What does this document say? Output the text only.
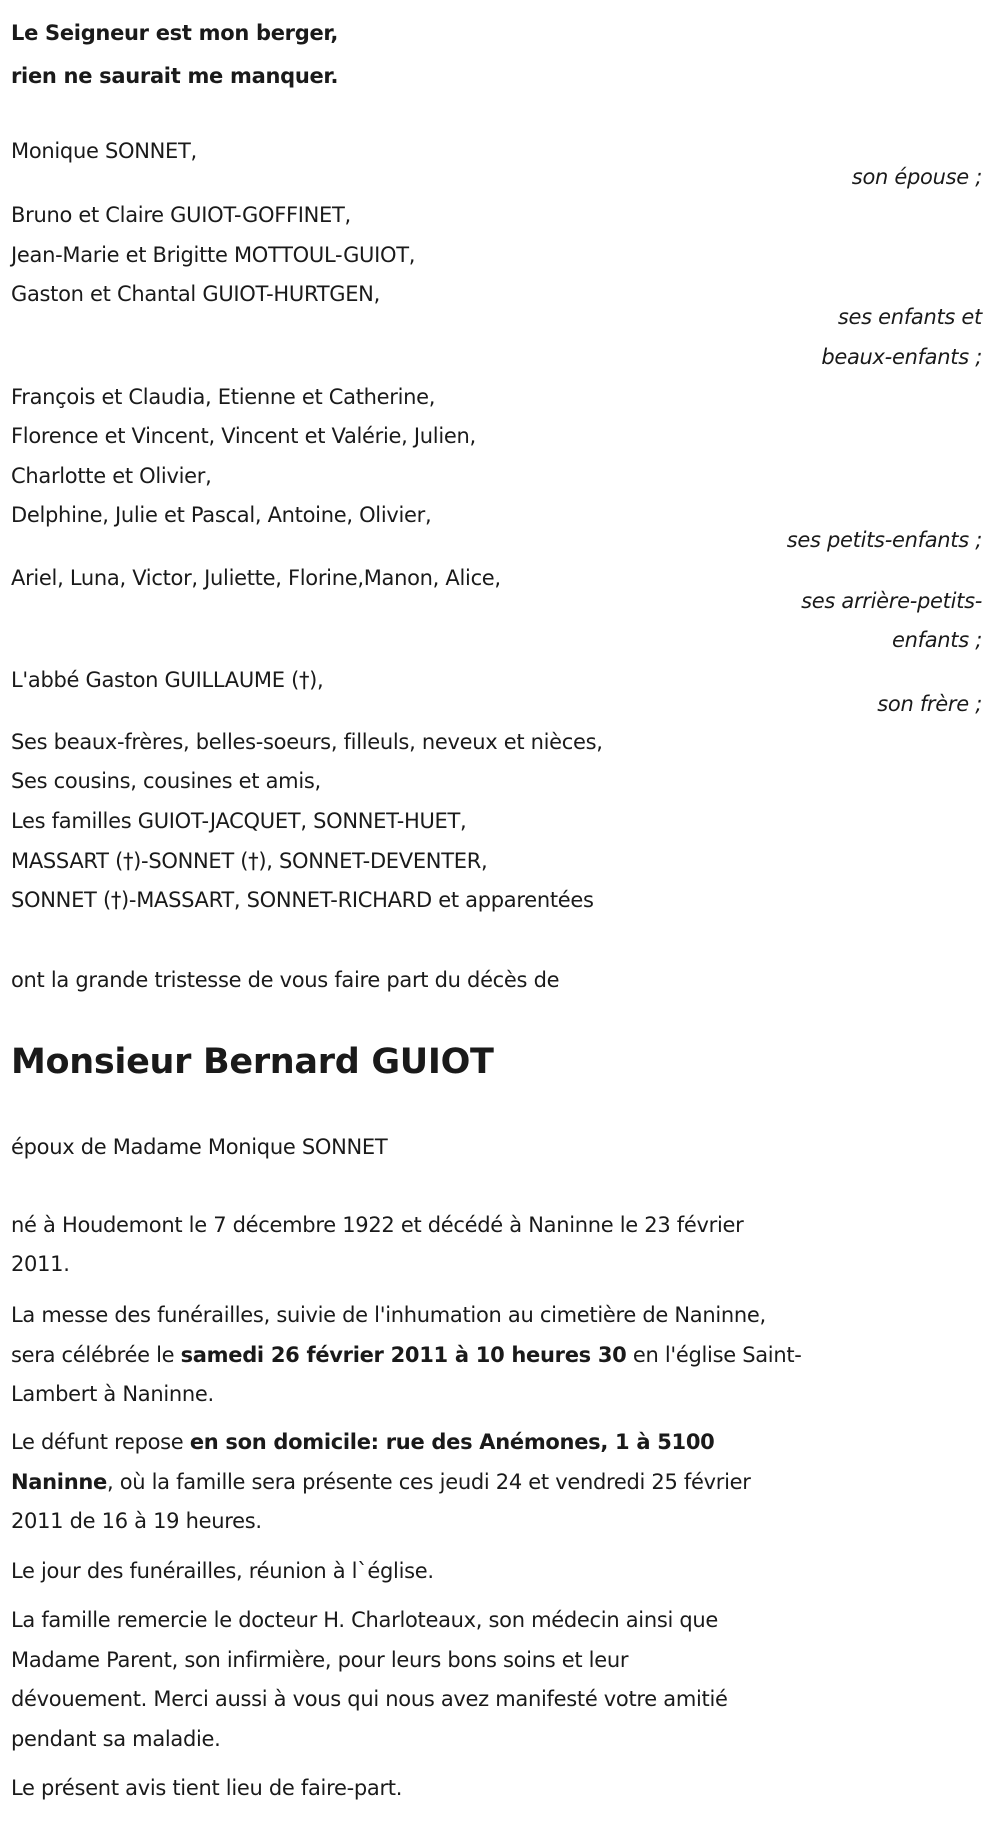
Le Seigneur est mon berger,
rien ne saurait me manquer.
Monique SONNET,
son épouse ;
Bruno et Claire GUIOT-GOFFINET,
Jean-Marie et Brigitte MOTTOUL-GUIOT,
Gaston et Chantal GUIOT-HURTGEN,
ses enfants et
beaux-enfants ;
François et Claudia, Etienne et Catherine,
Florence et Vincent, Vincent et Valérie, Julien,
Charlotte et Olivier,
Delphine, Julie et Pascal, Antoine, Olivier,
ses petits-enfants ;
Ariel, Luna, Victor, Juliette, Florine,Manon, Alice,
ses arrière-petits-
enfants ;
L'abbé Gaston GUILLAUME (†),
son frère ;
Ses beaux-frères, belles-soeurs, filleuls, neveux et nièces,
Ses cousins, cousines et amis,
Les familles GUIOT-JACQUET, SONNET-HUET,
MASSART (†)-SONNET (†), SONNET-DEVENTER,
SONNET (†)-MASSART, SONNET-RICHARD et apparentées
ont la grande tristesse de vous faire part du décès de
Monsieur Bernard GUIOT
époux de Madame Monique SONNET
né à Houdemont le 7 décembre 1922 et décédé à Naninne le 23 février
2011.
La messe des funérailles, suivie de l'inhumation au cimetière de Naninne,
sera célébrée le samedi 26 février 2011 à 10 heures 30 en l'église Saint-
Lambert à Naninne.
Le défunt repose en son domicile: rue des Anémones, 1 à 5100
Naninne, où la famille sera présente ces jeudi 24 et vendredi 25 février
2011 de 16 à 19 heures.
Le jour des funérailles, réunion à l`église.
La famille remercie le docteur H. Charloteaux, son médecin ainsi que
Madame Parent, son infirmière, pour leurs bons soins et leur
dévouement. Merci aussi à vous qui nous avez manifesté votre amitié
pendant sa maladie.
Le présent avis tient lieu de faire-part.
